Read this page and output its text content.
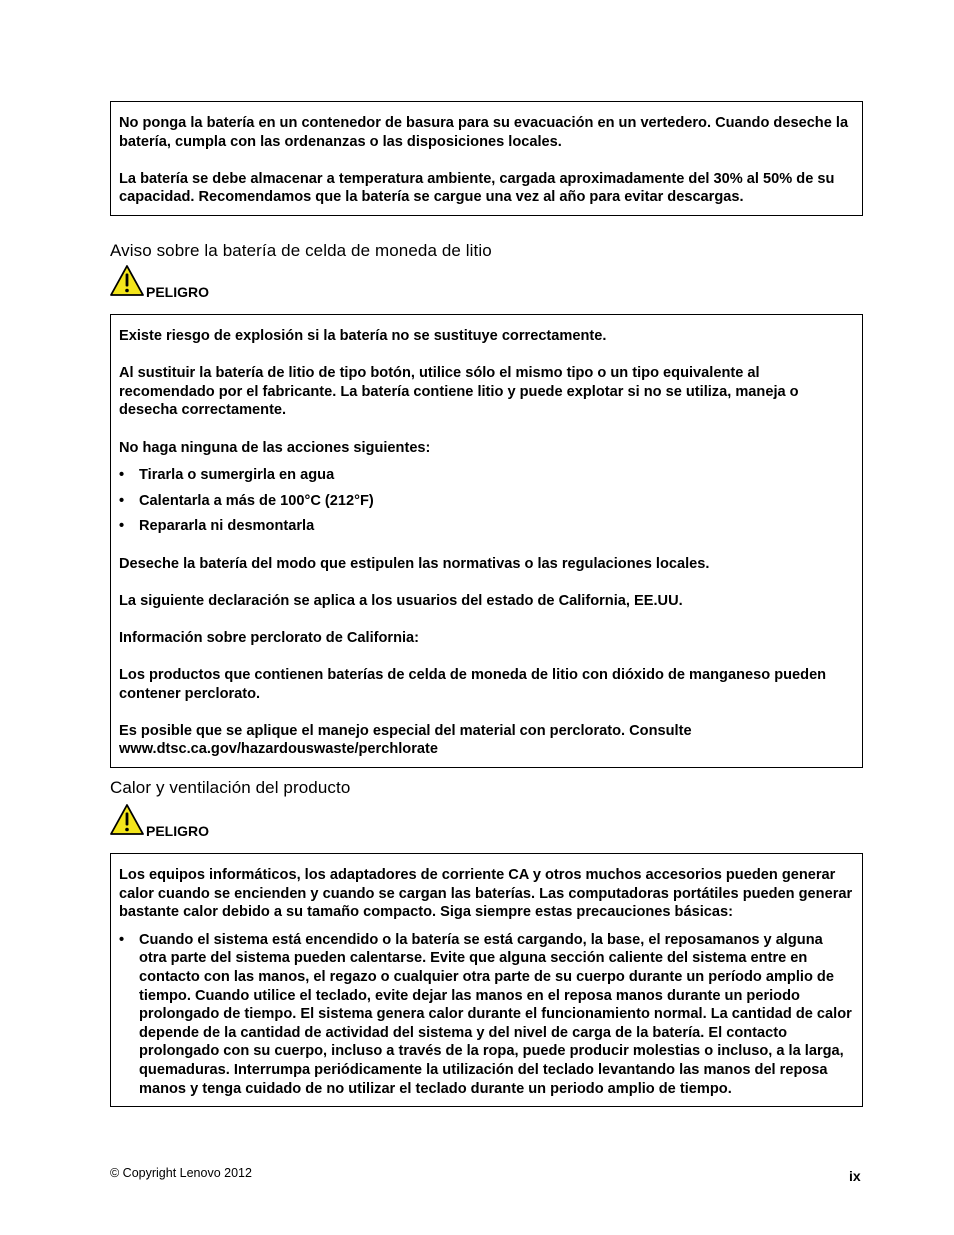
No ponga la batería en un contenedor de basura para su evacuación en un vertedero. Cuando deseche la batería, cumpla con las ordenanzas o las disposiciones locales.

La batería se debe almacenar a temperatura ambiente, cargada aproximadamente del 30% al 50% de su capacidad. Recomendamos que la batería se cargue una vez al año para evitar descargas.

Aviso sobre la batería de celda de moneda de litio
PELIGRO

Existe riesgo de explosión si la batería no se sustituye correctamente.

Al sustituir la batería de litio de tipo botón, utilice sólo el mismo tipo o un tipo equivalente al recomendado por el fabricante. La batería contiene litio y puede explotar si no se utiliza, maneja o desecha correctamente.

No haga ninguna de las acciones siguientes:

• Tirarla o sumergirla en agua
• Calentarla a más de 100°C (212°F)
• Repararla ni desmontarla

Deseche la batería del modo que estipulen las normativas o las regulaciones locales.

La siguiente declaración se aplica a los usuarios del estado de California, EE.UU.

Información sobre perclorato de California:

Los productos que contienen baterías de celda de moneda de litio con dióxido de manganeso pueden contener perclorato.

Es posible que se aplique el manejo especial del material con perclorato. Consulte www.dtsc.ca.gov/hazardouswaste/perchlorate

Calor y ventilación del producto
PELIGRO

Los equipos informáticos, los adaptadores de corriente CA y otros muchos accesorios pueden generar calor cuando se encienden y cuando se cargan las baterías. Las computadoras portátiles pueden generar bastante calor debido a su tamaño compacto. Siga siempre estas precauciones básicas:

• Cuando el sistema está encendido o la batería se está cargando, la base, el reposamanos y alguna otra parte del sistema pueden calentarse. Evite que alguna sección caliente del sistema entre en contacto con las manos, el regazo o cualquier otra parte de su cuerpo durante un período amplio de tiempo. Cuando utilice el teclado, evite dejar las manos en el reposa manos durante un periodo prolongado de tiempo. El sistema genera calor durante el funcionamiento normal. La cantidad de calor depende de la cantidad de actividad del sistema y del nivel de carga de la batería. El contacto prolongado con su cuerpo, incluso a través de la ropa, puede producir molestias o incluso, a la larga, quemaduras. Interrumpa periódicamente la utilización del teclado levantando las manos del reposa manos y tenga cuidado de no utilizar el teclado durante un periodo amplio de tiempo.
© Copyright Lenovo 2012	ix
